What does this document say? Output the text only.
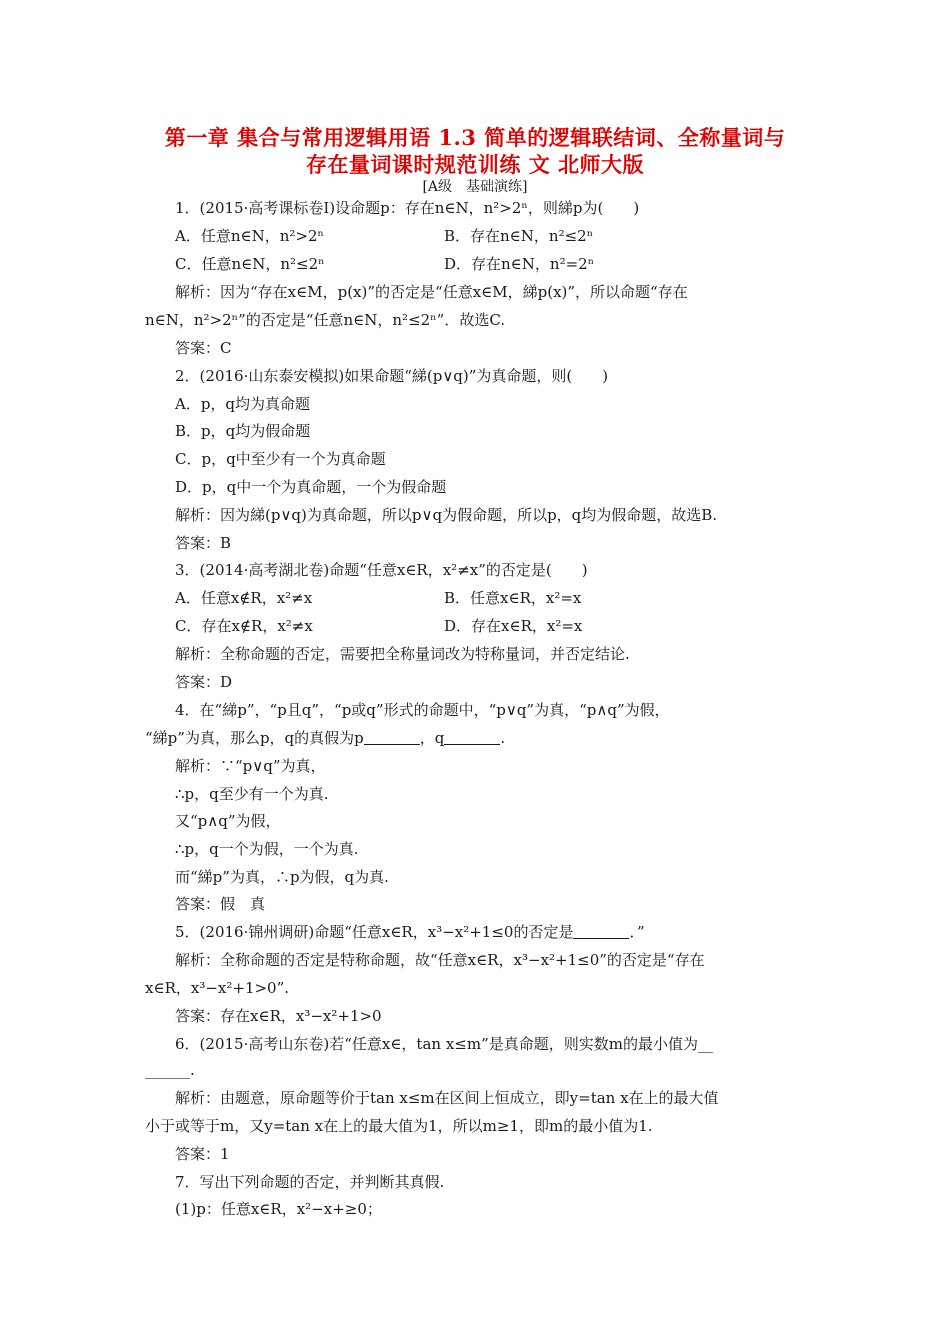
第一章 集合与常用逻辑用语 1.3 简单的逻辑联结词、全称量词与
存在量词课时规范训练 文 北师大版
[A级　基础演练]
1．(2015·高考课标卷Ⅰ)设命题p：存在n∈N，n²>2ⁿ，则綈p为(　　)
A．任意n∈N，n²>2ⁿ	B．存在n∈N，n²≤2ⁿ
C．任意n∈N，n²≤2ⁿ	D．存在n∈N，n²=2ⁿ
解析：因为“存在x∈M，p(x)”的否定是“任意x∈M，綈p(x)”，所以命题“存在
n∈N，n²>2ⁿ”的否定是“任意n∈N，n²≤2ⁿ”．故选C.
答案：C
2．(2016·山东泰安模拟)如果命题“綈(p∨q)”为真命题，则(　　)
A．p，q均为真命题
B．p，q均为假命题
C．p，q中至少有一个为真命题
D．p，q中一个为真命题，一个为假命题
解析：因为綈(p∨q)为真命题，所以p∨q为假命题，所以p，q均为假命题，故选B.
答案：B
3．(2014·高考湖北卷)命题“任意x∈R，x²≠x”的否定是(　　)
A．任意x∉R，x²≠x	B．任意x∈R，x²=x
C．存在x∉R，x²≠x	D．存在x∈R，x²=x
解析：全称命题的否定，需要把全称量词改为特称量词，并否定结论.
答案：D
4．在“綈p”，“p且q”，“p或q”形式的命题中，“p∨q”为真，“p∧q”为假，
“綈p”为真，那么p，q的真假为p	，q	.
解析：∵“p∨q”为真，
∴p，q至少有一个为真.
又“p∧q”为假，
∴p，q一个为假，一个为真.
而“綈p”为真，∴p为假，q为真.
答案：假　真
5．(2016·锦州调研)命题“任意x∈R，x³−x²+1≤0的否定是	．”
解析：全称命题的否定是特称命题，故“任意x∈R，x³−x²+1≤0”的否定是“存在
x∈R，x³−x²+1>0”.
答案：存在x∈R，x³−x²+1>0
6．(2015·高考山东卷)若“任意x∈，tan x≤m”是真命题，则实数m的最小值为__
______.
解析：由题意，原命题等价于tan x≤m在区间上恒成立，即y=tan x在上的最大值
小于或等于m，又y=tan x在上的最大值为1，所以m≥1，即m的最小值为1.
答案：1
7．写出下列命题的否定，并判断其真假.
(1)p：任意x∈R，x²−x+≥0；
